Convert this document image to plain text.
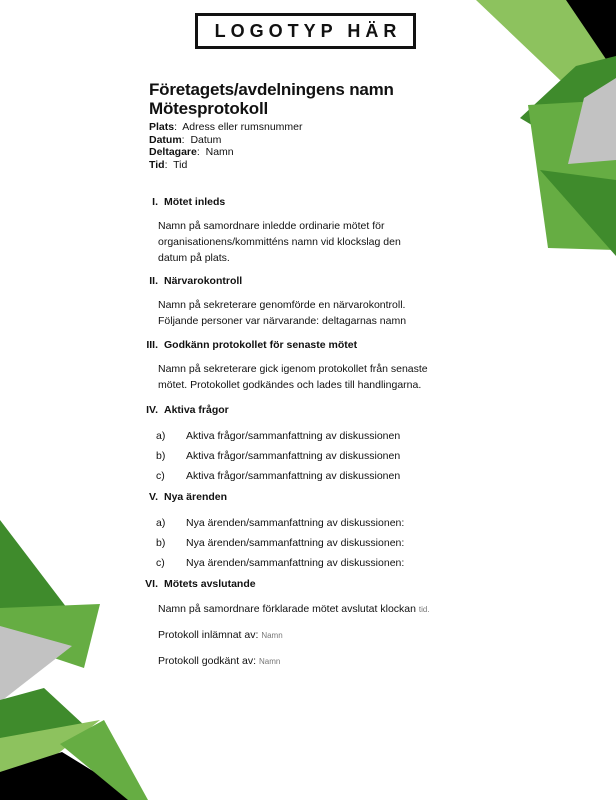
LOGOTYP HÄR
Företagets/avdelningens namn
Mötesprotokoll
Plats:  Adress eller rumsnummer
Datum:  Datum
Deltagare:  Namn
Tid:  Tid
I. Mötet inleds
Namn på samordnare inledde ordinarie mötet för
organisationens/kommitténs namn vid klockslag den
datum på plats.
II. Närvarokontroll
Namn på sekreterare genomförde en närvarokontroll.
Följande personer var närvarande: deltagarnas namn
III. Godkänn protokollet för senaste mötet
Namn på sekreterare gick igenom protokollet från senaste
mötet. Protokollet godkändes och lades till handlingarna.
IV. Aktiva frågor
a)	Aktiva frågor/sammanfattning av diskussionen
b)	Aktiva frågor/sammanfattning av diskussionen
c)	Aktiva frågor/sammanfattning av diskussionen
V. Nya ärenden
a)	Nya ärenden/sammanfattning av diskussionen:
b)	Nya ärenden/sammanfattning av diskussionen:
c)	Nya ärenden/sammanfattning av diskussionen:
VI. Mötets avslutande
Namn på samordnare förklarade mötet avslutat klockan tid.
Protokoll inlämnat av: Namn
Protokoll godkänt av: Namn
